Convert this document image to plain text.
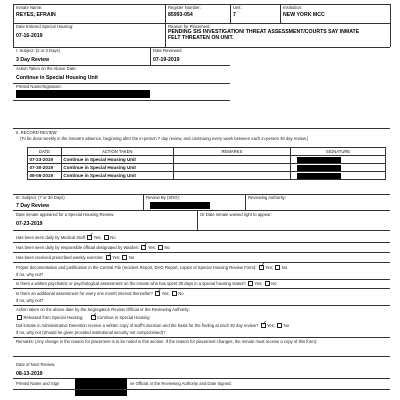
Inmate Name:
REYES, EFRAIN
Register Number:
85993-054
Unit:
7
Institution:
NEW YORK MCC
Date Entered Special Housing:
07-16-2019
Reason for Placement:
PENDING SIS INVESTIGATION/ THREAT ASSESSMENT/COURTS SAY INMATE
FELT THREATEN ON UNIT.
I. Subject: (2 or 3 Days)
3 Day Review
Date Reviewed
07-19-2019
Action Taken on the Above Date:
Continue in Special Housing Unit
Printed Name/Signature:
II. RECORD REVIEW:
(To be done weekly in the inmate's absence, beginning after the in-person 7 day review, and continuing every week between each in-person 30 day review.)
DATE	ACTION TAKEN	REMARKS	SIGNATURE
07-23-2019	Continue in Special Housing Unit		

07-30-2019	Continue in Special Housing Unit		

08-06-2019	Continue in Special Housing Unit		
III. Subject: (7 or 30 Days)
7 Day Review
Review By (SRO):	Reviewing Authority:
Date inmate appeared for a Special Housing Review:	Or Date inmate waived right to appear:
07-23-2019
Has been seen daily by Medical Staff ✓ Yes; No
Has been seen daily by responsible official designated by Warden: ✓ Yes; No
Has been received prescribed weekly exercise: ✓ Yes; No
Proper documentation and justification in the Central File (Incident Report, DHO Report, copies of Special Housing Review Form): ✓ Yes; No
If no, why not?
Is there a written psychiatric or psychological assessment on the inmate who has spent 30 days in a special housing status? Yes; No
Is there an additional assessment for every one month interval thereafter? ✓ Yes; No
If no, why not?
Action taken on the above date by the Segregation Review Official or the Reviewing Authority:
Released from Special Housing; ✓	Continue in Special Housing
Did inmate in Administrative Detention receive a written copy of staff's decision and the basis for the finding at each 30 day review? ✓ Yes; No
If no, why not (Should be given provided institutional security not compromised)?
Remarks: (Any change in the reason for placement is to be noted in this section. If the reason for placement changes, the inmate must receive a copy of this form):
Date of Next Review:
08-13-2019
Printed Name and Sign	ve Official or the Reviewing Authority and Date Signed:
